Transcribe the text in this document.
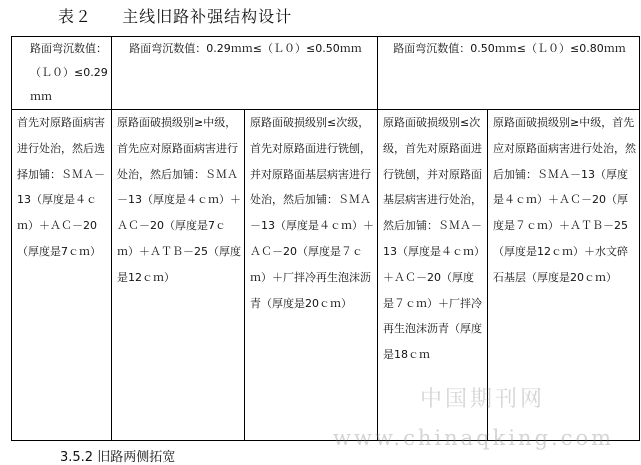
表２ 主线旧路补强结构设计

路面弯沉数值：（Ｌ０）≤0.29ｍｍ	路面弯沉数值：0.29ｍｍ≤（Ｌ０）≤0.50ｍｍ	路面弯沉数值：0.50ｍｍ≤（Ｌ０）≤0.80ｍｍ
首先对原路面病害进行处治，然后选择加铺：ＳＭＡ－13（厚度是４ｃｍ）＋ＡＣ－20（厚度是7ｃｍ）	原路面破损级别≥中级，首先应对原路面病害进行处治，然后加铺：ＳＭＡ－13（厚度是４ｃｍ）＋ＡＣ－20（厚度是7ｃｍ）＋ＡＴＢ－25（厚度是12ｃｍ）	原路面破损级别≤次级，首先对原路面进行铣刨，并对原路面基层病害进行处治，然后加铺：ＳＭＡ－13（厚度是４ｃｍ）＋ＡＣ－20（厚度是７ｃｍ）＋厂拌冷再生泡沫沥青（厚度是20ｃｍ）	原路面破损级别≤次级，首先对原路面进行铣刨，并对原路面基层病害进行处治，然后加铺：ＳＭＡ－13（厚度是４ｃｍ）＋ＡＣ－20（厚度是７ｃｍ）＋厂拌冷再生泡沫沥青（厚度是18ｃｍ	原路面破损级别≥中级，首先应对原路面病害进行处治，然后加铺：ＳＭＡ－13（厚度是４ｃｍ）＋ＡＣ－20（厚度是７ｃｍ）＋ＡＴＢ－25（厚度是12ｃｍ）＋水文碎石基层（厚度是20ｃｍ）

3.5.2 旧路两侧拓宽

中国期刊网
www.chinaqking.com
